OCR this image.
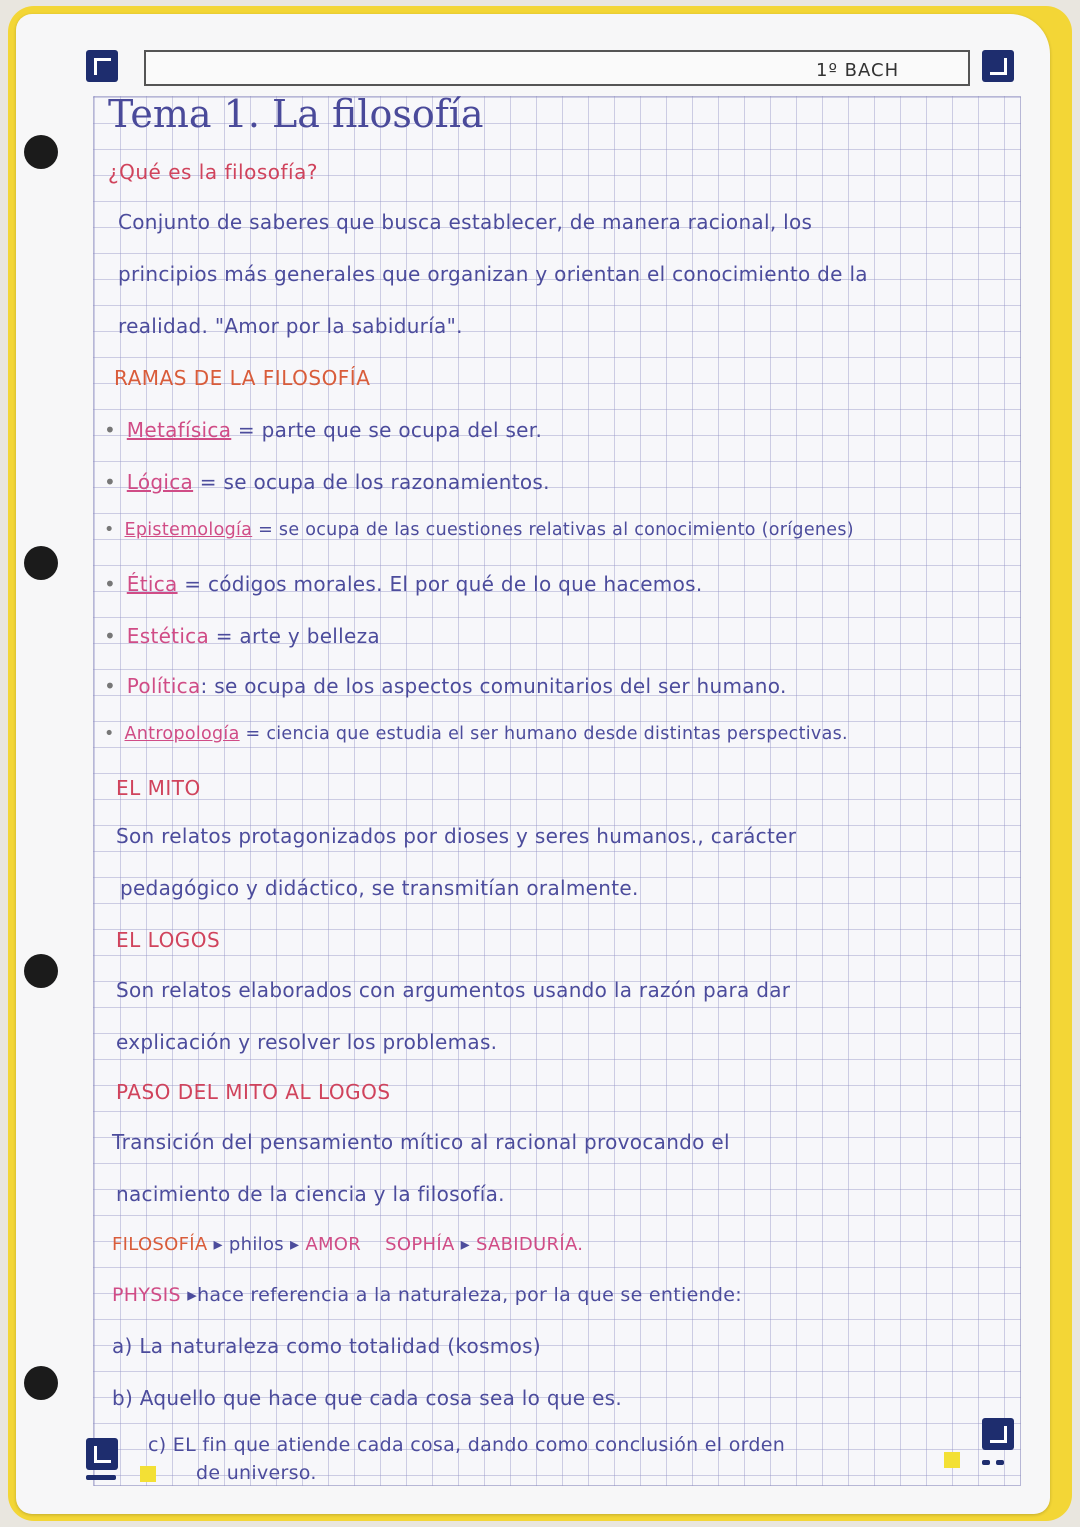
1º BACH
Tema 1. La filosofía
¿Qué es la filosofía?
Conjunto de saberes que busca establecer, de manera racional, los
principios más generales que organizan y orientan el conocimiento de la
realidad. "Amor por la sabiduría".
RAMAS DE LA FILOSOFÍA
• Metafísica = parte que se ocupa del ser.
• Lógica = se ocupa de los razonamientos.
• Epistemología = se ocupa de las cuestiones relativas al conocimiento (orígenes)
• Ética = códigos morales. El por qué de lo que hacemos.
• Estética = arte y belleza
• Política: se ocupa de los aspectos comunitarios del ser humano.
• Antropología = ciencia que estudia el ser humano desde distintas perspectivas.
EL MITO
Son relatos protagonizados por dioses y seres humanos., carácter
pedagógico y didáctico, se transmitían oralmente.
EL LOGOS
Son relatos elaborados con argumentos usando la razón para dar
explicación y resolver los problemas.
PASO DEL MITO AL LOGOS
Transición del pensamiento mítico al racional provocando el
nacimiento de la ciencia y la filosofía.
FILOSOFÍA ▸ philos ▸ AMOR SOPHÍA ▸ SABIDURÍA.
PHYSIS ▸hace referencia a la naturaleza, por la que se entiende:
a) La naturaleza como totalidad (kosmos)
b) Aquello que hace que cada cosa sea lo que es.
c) EL fin que atiende cada cosa, dando como conclusión el orden
de universo.
